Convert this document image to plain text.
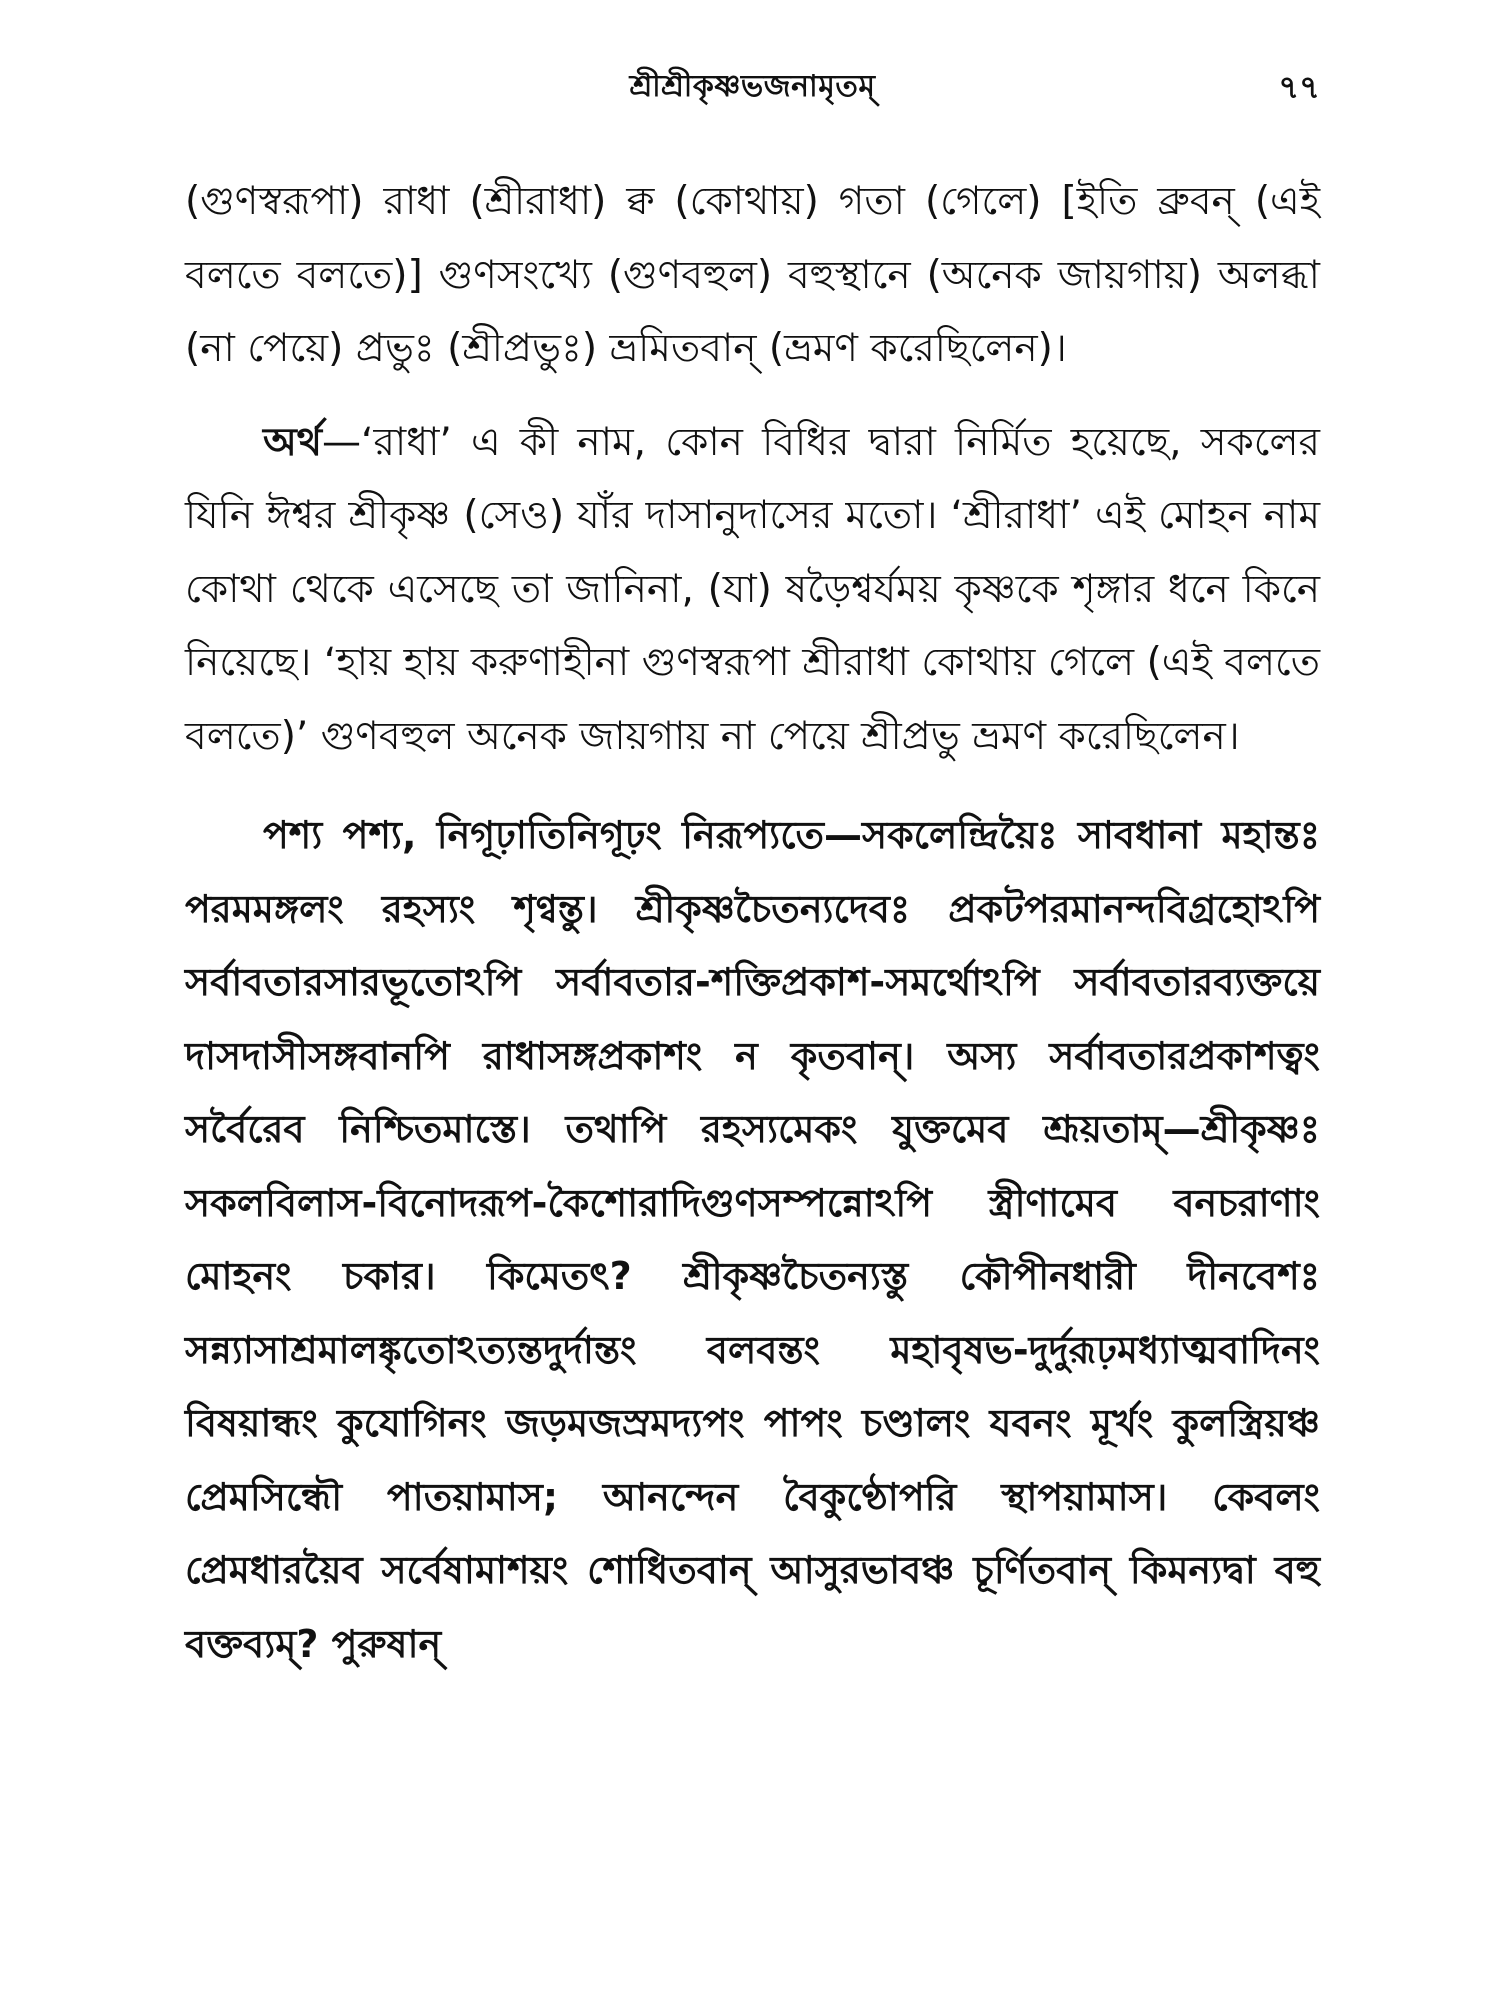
শ্রীশ্রীকৃষ্ণভজনামৃতম্	৭৭

(গুণস্বরূপা) রাধা (শ্রীরাধা) ক্ব (কোথায়) গতা (গেলে) [ইতি ব্রুবন্ (এই বলতে বলতে)] গুণসংখ্যে (গুণবহুল) বহুস্থানে (অনেক জায়গায়) অলব্ধা (না পেয়ে) প্রভুঃ (শ্রীপ্রভুঃ) ভ্রমিতবান্ (ভ্রমণ করেছিলেন)।

অর্থ—‘রাধা’ এ কী নাম, কোন বিধির দ্বারা নির্মিত হয়েছে, সকলের যিনি ঈশ্বর শ্রীকৃষ্ণ (সেও) যাঁর দাসানুদাসের মতো। ‘শ্রীরাধা’ এই মোহন নাম কোথা থেকে এসেছে তা জানিনা, (যা) ষড়ৈশ্বর্যময় কৃষ্ণকে শৃঙ্গার ধনে কিনে নিয়েছে। ‘হায় হায় করুণাহীনা গুণস্বরূপা শ্রীরাধা কোথায় গেলে (এই বলতে বলতে)’ গুণবহুল অনেক জায়গায় না পেয়ে শ্রীপ্রভু ভ্রমণ করেছিলেন।

পশ্য পশ্য, নিগূঢ়াতিনিগূঢ়ং নিরূপ্যতে—সকলেন্দ্রিয়ৈঃ সাবধানা মহান্তঃ পরমমঙ্গলং রহস্যং শৃণ্বন্তু। শ্রীকৃষ্ণচৈতন্যদেবঃ প্রকটপরমানন্দবিগ্রহোঽপি সর্বাবতারসারভূতোঽপি সর্বাবতার-শক্তিপ্রকাশ-সমর্থোঽপি সর্বাবতারব্যক্তয়ে দাসদাসীসঙ্গবানপি রাধাসঙ্গপ্রকাশং ন কৃতবান্। অস্য সর্বাবতারপ্রকাশত্বং সর্বৈরেব নিশ্চিতমাস্তে। তথাপি রহস্যমেকং যুক্তমেব শ্রূয়তাম্—শ্রীকৃষ্ণঃ সকলবিলাস-বিনোদরূপ-কৈশোরাদিগুণসম্পন্নোঽপি স্ত্রীণামেব বনচরাণাং মোহনং চকার। কিমেতৎ? শ্রীকৃষ্ণচৈতন্যস্তু কৌপীনধারী দীনবেশঃ সন্ন্যাসাশ্রমালঙ্কৃতোঽত্যন্তদুর্দান্তং বলবন্তং মহাবৃষভ-দুর্দুরূঢ়মধ্যাত্মবাদিনং বিষয়ান্ধং কুযোগিনং জড়মজস্রমদ্যপং পাপং চণ্ডালং যবনং মূর্খং কুলস্ত্রিয়ঞ্চ প্রেমসিন্ধৌ পাতয়ামাস; আনন্দেন বৈকুণ্ঠোপরি স্থাপয়ামাস। কেবলং প্রেমধারয়ৈব সর্বেষামাশয়ং শোধিতবান্ আসুরভাবঞ্চ চূর্ণিতবান্ কিমন্যদ্বা বহু বক্তব্যম্? পুরুষান্
